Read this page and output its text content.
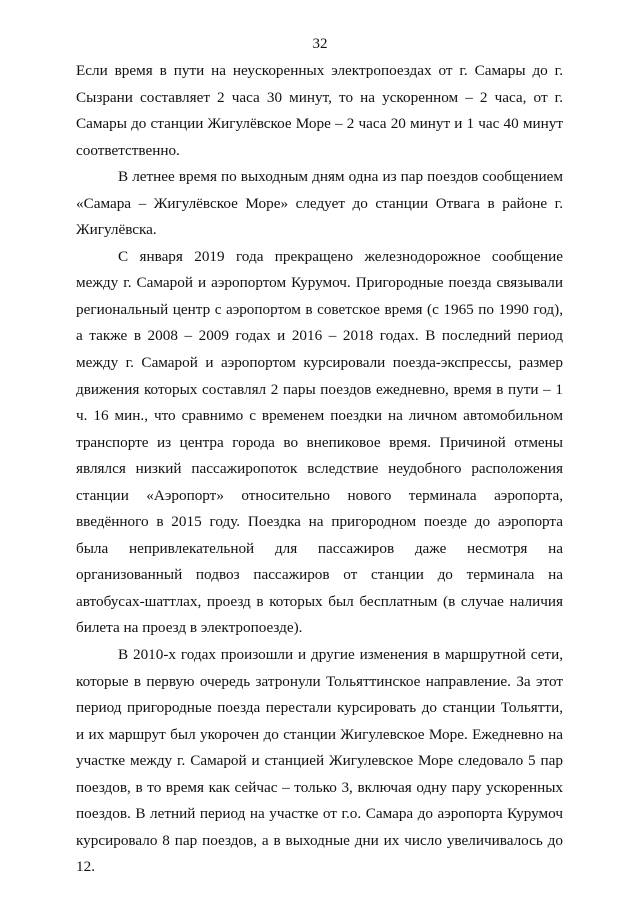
32

Если время в пути на неускоренных электропоездах от г. Самары до г. Сызрани составляет 2 часа 30 минут, то на ускоренном – 2 часа, от г. Самары до станции Жигулёвское Море – 2 часа 20 минут и 1 час 40 минут соответственно.

В летнее время по выходным дням одна из пар поездов сообщением «Самара – Жигулёвское Море» следует до станции Отвага в районе г. Жигулёвска.

С января 2019 года прекращено железнодорожное сообщение между г. Самарой и аэропортом Курумоч. Пригородные поезда связывали региональный центр с аэропортом в советское время (с 1965 по 1990 год), а также в 2008 – 2009 годах и 2016 – 2018 годах. В последний период между г. Самарой и аэропортом курсировали поезда-экспрессы, размер движения которых составлял 2 пары поездов ежедневно, время в пути – 1 ч. 16 мин., что сравнимо с временем поездки на личном автомобильном транспорте из центра города во внепиковое время. Причиной отмены являлся низкий пассажиропоток вследствие неудобного расположения станции «Аэропорт» относительно нового терминала аэропорта, введённого в 2015 году. Поездка на пригородном поезде до аэропорта была непривлекательной для пассажиров даже несмотря на организованный подвоз пассажиров от станции до терминала на автобусах-шаттлах, проезд в которых был бесплатным (в случае наличия билета на проезд в электропоезде).

В 2010-х годах произошли и другие изменения в маршрутной сети, которые в первую очередь затронули Тольяттинское направление. За этот период пригородные поезда перестали курсировать до станции Тольятти, и их маршрут был укорочен до станции Жигулевское Море. Ежедневно на участке между г. Самарой и станцией Жигулевское Море следовало 5 пар поездов, в то время как сейчас – только 3, включая одну пару ускоренных поездов. В летний период на участке от г.о. Самара до аэропорта Курумоч курсировало 8 пар поездов, а в выходные дни их число увеличивалось до 12.
